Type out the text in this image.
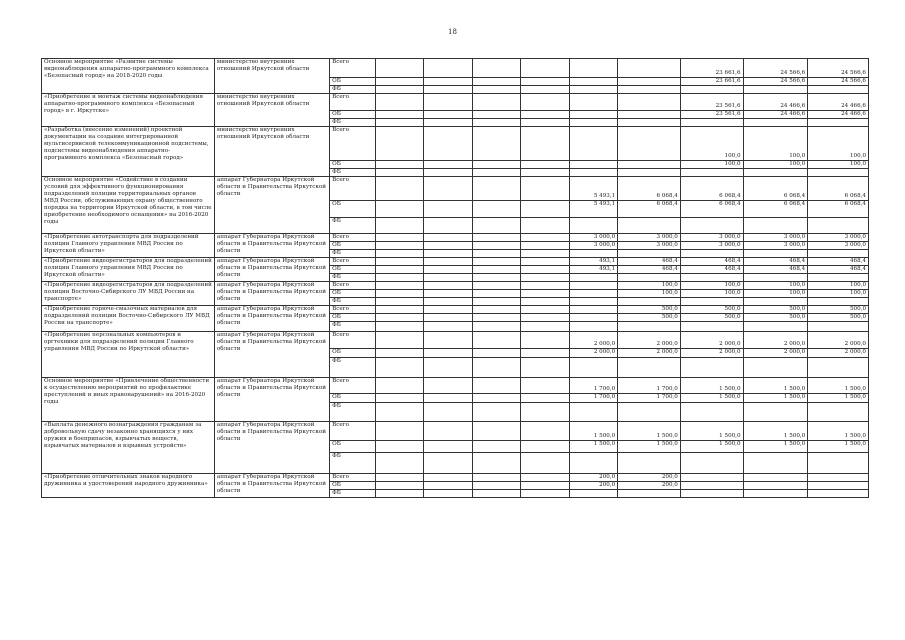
18
Основное мероприятие «Развитие системы видеонаблюдения аппаратно-программного комплекса «Безопасный город» на 2018-2020 годы	министерство внутренних отношений Иркутской области	Всего							23 661,6	24 566,6	24 566,6
		ОБ							23 661,6	24 566,6	24 566,6
		ФБ									
«Приобретение и монтаж системы видеонаблюдения аппаратно-программного комплекса «Безопасный город» в г. Иркутске»	министерство внутренних отношений Иркутской области	Всего							23 561,6	24 466,6	24 466,6
		ОБ							23 561,6	24 466,6	24 466,6
		ФБ									
«Разработка (внесение изменений) проектной документации на создание интегрированной мультисервисной телекоммуникационной подсистемы, подсистемы видеонаблюдения аппаратно-программного комплекса «Безопасный город»	министерство внутренних отношений Иркутской области	Всего							100,0	100,0	100,0
		ОБ							100,0	100,0	100,0
		ФБ									
Основное мероприятие «Содействие в создании условий для эффективного функционирования подразделений полиции территориальных органов МВД России, обслуживающих охрану общественного порядка на территории Иркутской области, в том числе приобретение необходимого оснащения» на 2016-2020 годы	аппарат Губернатора Иркутской области и Правительства Иркутской области	Всего					5 493,1	6 068,4	6 068,4	6 068,4	6 068,4
		ОБ					5 493,1	6 068,4	6 068,4	6 068,4	6 068,4
		ФБ									
«Приобретение автотранспорта для подразделений полиции Главного управления МВД России по Иркутской области»	аппарат Губернатора Иркутской области и Правительства Иркутской области	Всего					3 000,0	3 000,0	3 000,0	3 000,0	3 000,0
		ОБ					3 000,0	3 000,0	3 000,0	3 000,0	3 000,0
		ФБ									
«Приобретение видеорегистраторов для подразделений полиции Главного управления МВД России по Иркутской области»	аппарат Губернатора Иркутской области и Правительства Иркутской области	Всего					493,1	468,4	468,4	468,4	468,4
		ОБ					493,1	468,4	468,4	468,4	468,4
		ФБ									
«Приобретение видеорегистраторов для подразделений полиции Восточно-Сибирского ЛУ МВД России на транспорте»	аппарат Губернатора Иркутской области и Правительства Иркутской области	Всего						100,0	100,0	100,0	100,0
		ОБ						100,0	100,0	100,0	100,0
		ФБ									
«Приобретение горюче-смазочных материалов для подразделений полиции Восточно-Сибирского ЛУ МВД России на транспорте»	аппарат Губернатора Иркутской области и Правительства Иркутской области	Всего						500,0	500,0	500,0	500,0
		ОБ						500,0	500,0	500,0	500,0
		ФБ									
«Приобретение персональных компьютеров и оргтехники для подразделений полиции Главного управления МВД России по Иркутской области»	аппарат Губернатора Иркутской области и Правительства Иркутской области	Всего					2 000,0	2 000,0	2 000,0	2 000,0	2 000,0
		ОБ					2 000,0	2 000,0	2 000,0	2 000,0	2 000,0
		ФБ									
Основное мероприятие «Привлечение общественности к осуществлению мероприятий по профилактике преступлений и иных правонарушений» на 2016-2020 годы	аппарат Губернатора Иркутской области и Правительства Иркутской области	Всего					1 700,0	1 700,0	1 500,0	1 500,0	1 500,0
		ОБ					1 700,0	1 700,0	1 500,0	1 500,0	1 500,0
		ФБ									
«Выплата денежного вознаграждения гражданам за добровольную сдачу незаконно хранящихся у них оружия и боеприпасов, взрывчатых веществ, взрывчатых материалов и взрывных устройств»	аппарат Губернатора Иркутской области и Правительства Иркутской области	Всего					1 500,0	1 500,0	1 500,0	1 500,0	1 500,0
		ОБ					1 500,0	1 500,0	1 500,0	1 500,0	1 500,0
		ФБ									
«Приобретение отличительных знаков народного дружинника и удостоверений народного дружинника»	аппарат Губернатора Иркутской области и Правительства Иркутской области	Всего					200,0	200,0			
		ОБ					200,0	200,0			
		ФБ									
